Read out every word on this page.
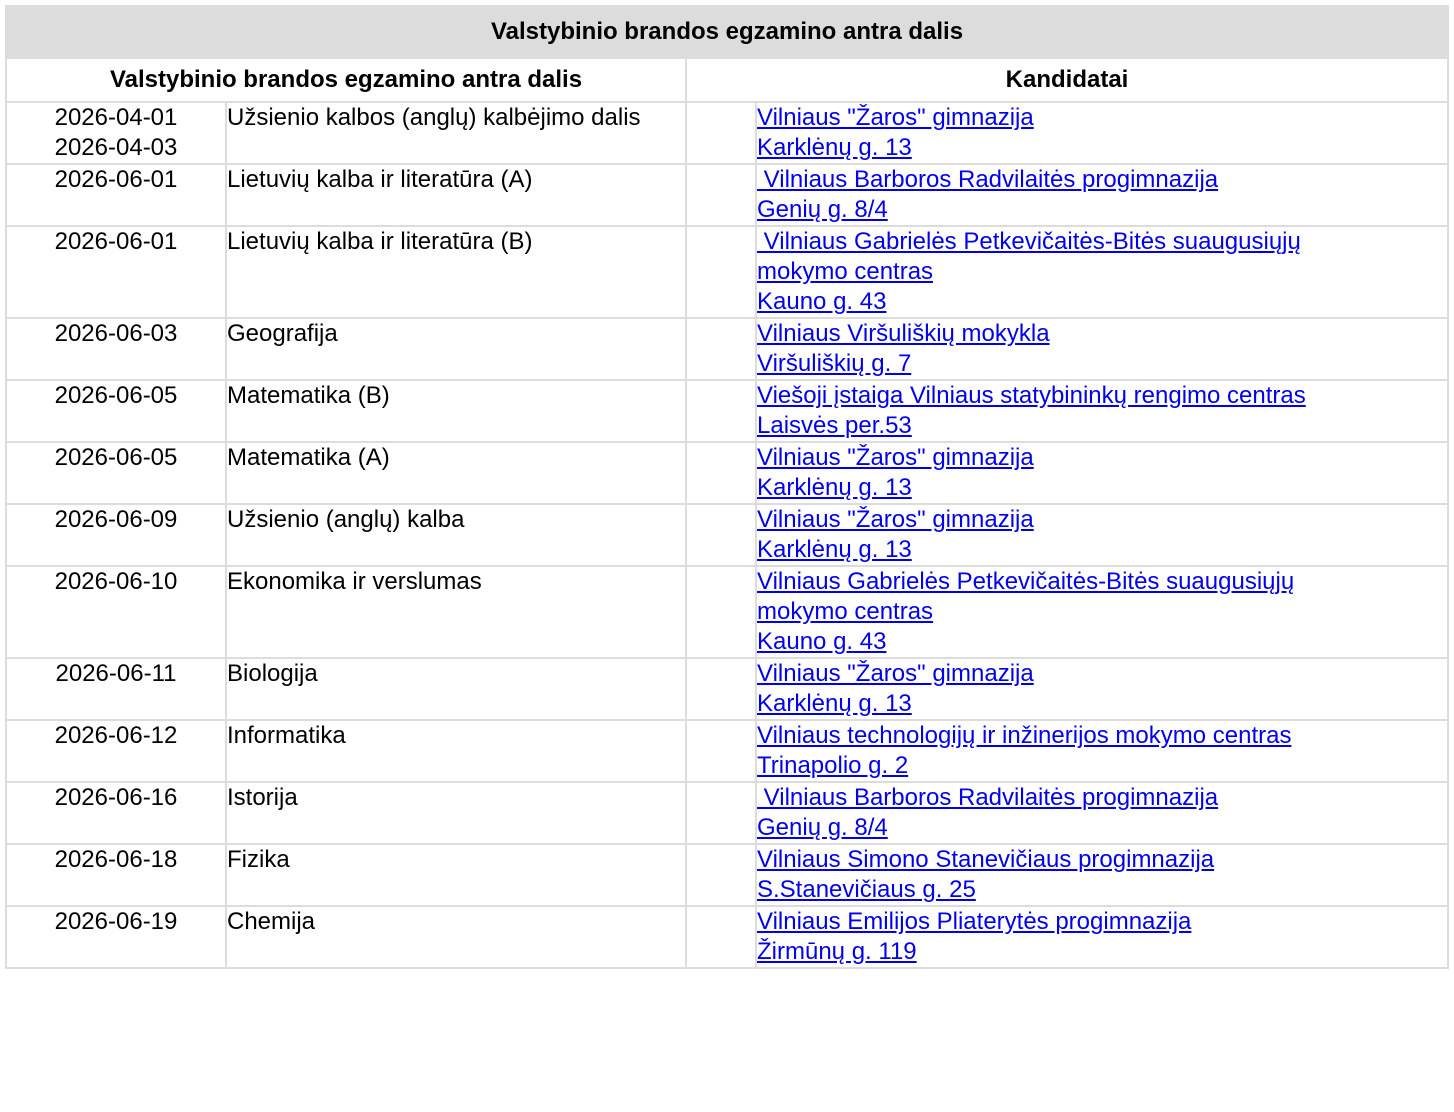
Valstybinio brandos egzamino antra dalis			
Valstybinio brandos egzamino antra dalis		Kandidatai	

2026-04-01
2026-04-03	Užsienio kalbos (anglų) kalbėjimo dalis		Vilniaus "Žaros" gimnazija
Karklėnų g. 13

2026-06-01	Lietuvių kalba ir literatūra (A)		Vilniaus Barboros Radvilaitės progimnazija
Genių g. 8/4

2026-06-01	Lietuvių kalba ir literatūra (B)		Vilniaus Gabrielės Petkevičaitės-Bitės suaugusiųjų
mokymo centras
Kauno g. 43

2026-06-03	Geografija		Vilniaus Viršuliškių mokykla
Viršuliškių g. 7

2026-06-05	Matematika (B)		Viešoji įstaiga Vilniaus statybininkų rengimo centras
Laisvės per.53

2026-06-05	Matematika (A)		Vilniaus "Žaros" gimnazija
Karklėnų g. 13

2026-06-09	Užsienio (anglų) kalba		Vilniaus "Žaros" gimnazija
Karklėnų g. 13

2026-06-10	Ekonomika ir verslumas		Vilniaus Gabrielės Petkevičaitės-Bitės suaugusiųjų
mokymo centras
Kauno g. 43

2026-06-11	Biologija		Vilniaus "Žaros" gimnazija
Karklėnų g. 13

2026-06-12	Informatika		Vilniaus technologijų ir inžinerijos mokymo centras
Trinapolio g. 2

2026-06-16	Istorija		Vilniaus Barboros Radvilaitės progimnazija
Genių g. 8/4

2026-06-18	Fizika		Vilniaus Simono Stanevičiaus progimnazija
S.Stanevičiaus g. 25

2026-06-19	Chemija		Vilniaus Emilijos Pliaterytės progimnazija
Žirmūnų g. 119
